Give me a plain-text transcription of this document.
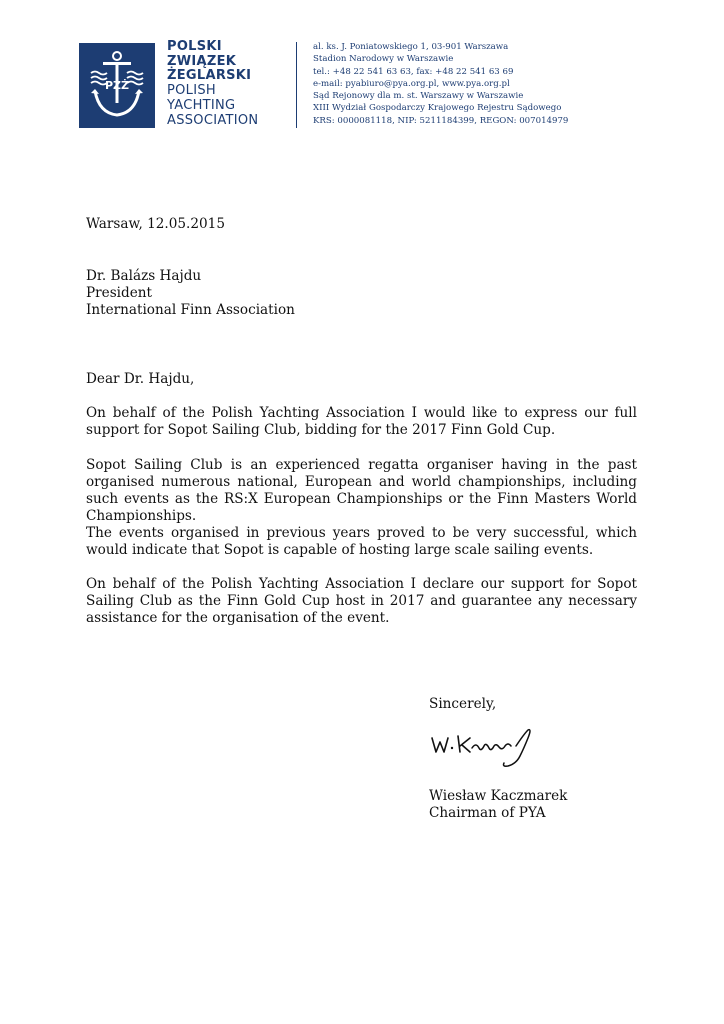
PZŻ
POLSKI
ZWIĄZEK
ŻEGLARSKI
POLISH
YACHTING
ASSOCIATION
al. ks. J. Poniatowskiego 1, 03-901 Warszawa
Stadion Narodowy w Warszawie
tel.: +48 22 541 63 63, fax: +48 22 541 63 69
e-mail: pyabiuro@pya.org.pl, www.pya.org.pl
Sąd Rejonowy dla m. st. Warszawy w Warszawie
XIII Wydział Gospodarczy Krajowego Rejestru Sądowego
KRS: 0000081118, NIP: 5211184399, REGON: 007014979
Warsaw, 12.05.2015
Dr. Balázs Hajdu
President
International Finn Association
Dear Dr. Hajdu,
On behalf of the Polish Yachting Association I would like to express our full support for Sopot Sailing Club, bidding for the 2017 Finn Gold Cup.
Sopot Sailing Club is an experienced regatta organiser having in the past organised numerous national, European and world championships, including such events as the RS:X European Championships or the Finn Masters World Championships.
The events organised in previous years proved to be very successful, which would indicate that Sopot is capable of hosting large scale sailing events.
On behalf of the Polish Yachting Association I declare our support for Sopot Sailing Club as the Finn Gold Cup host in 2017 and guarantee any necessary assistance for the organisation of the event.
Sincerely,
Wiesław Kaczmarek
Chairman of PYA
